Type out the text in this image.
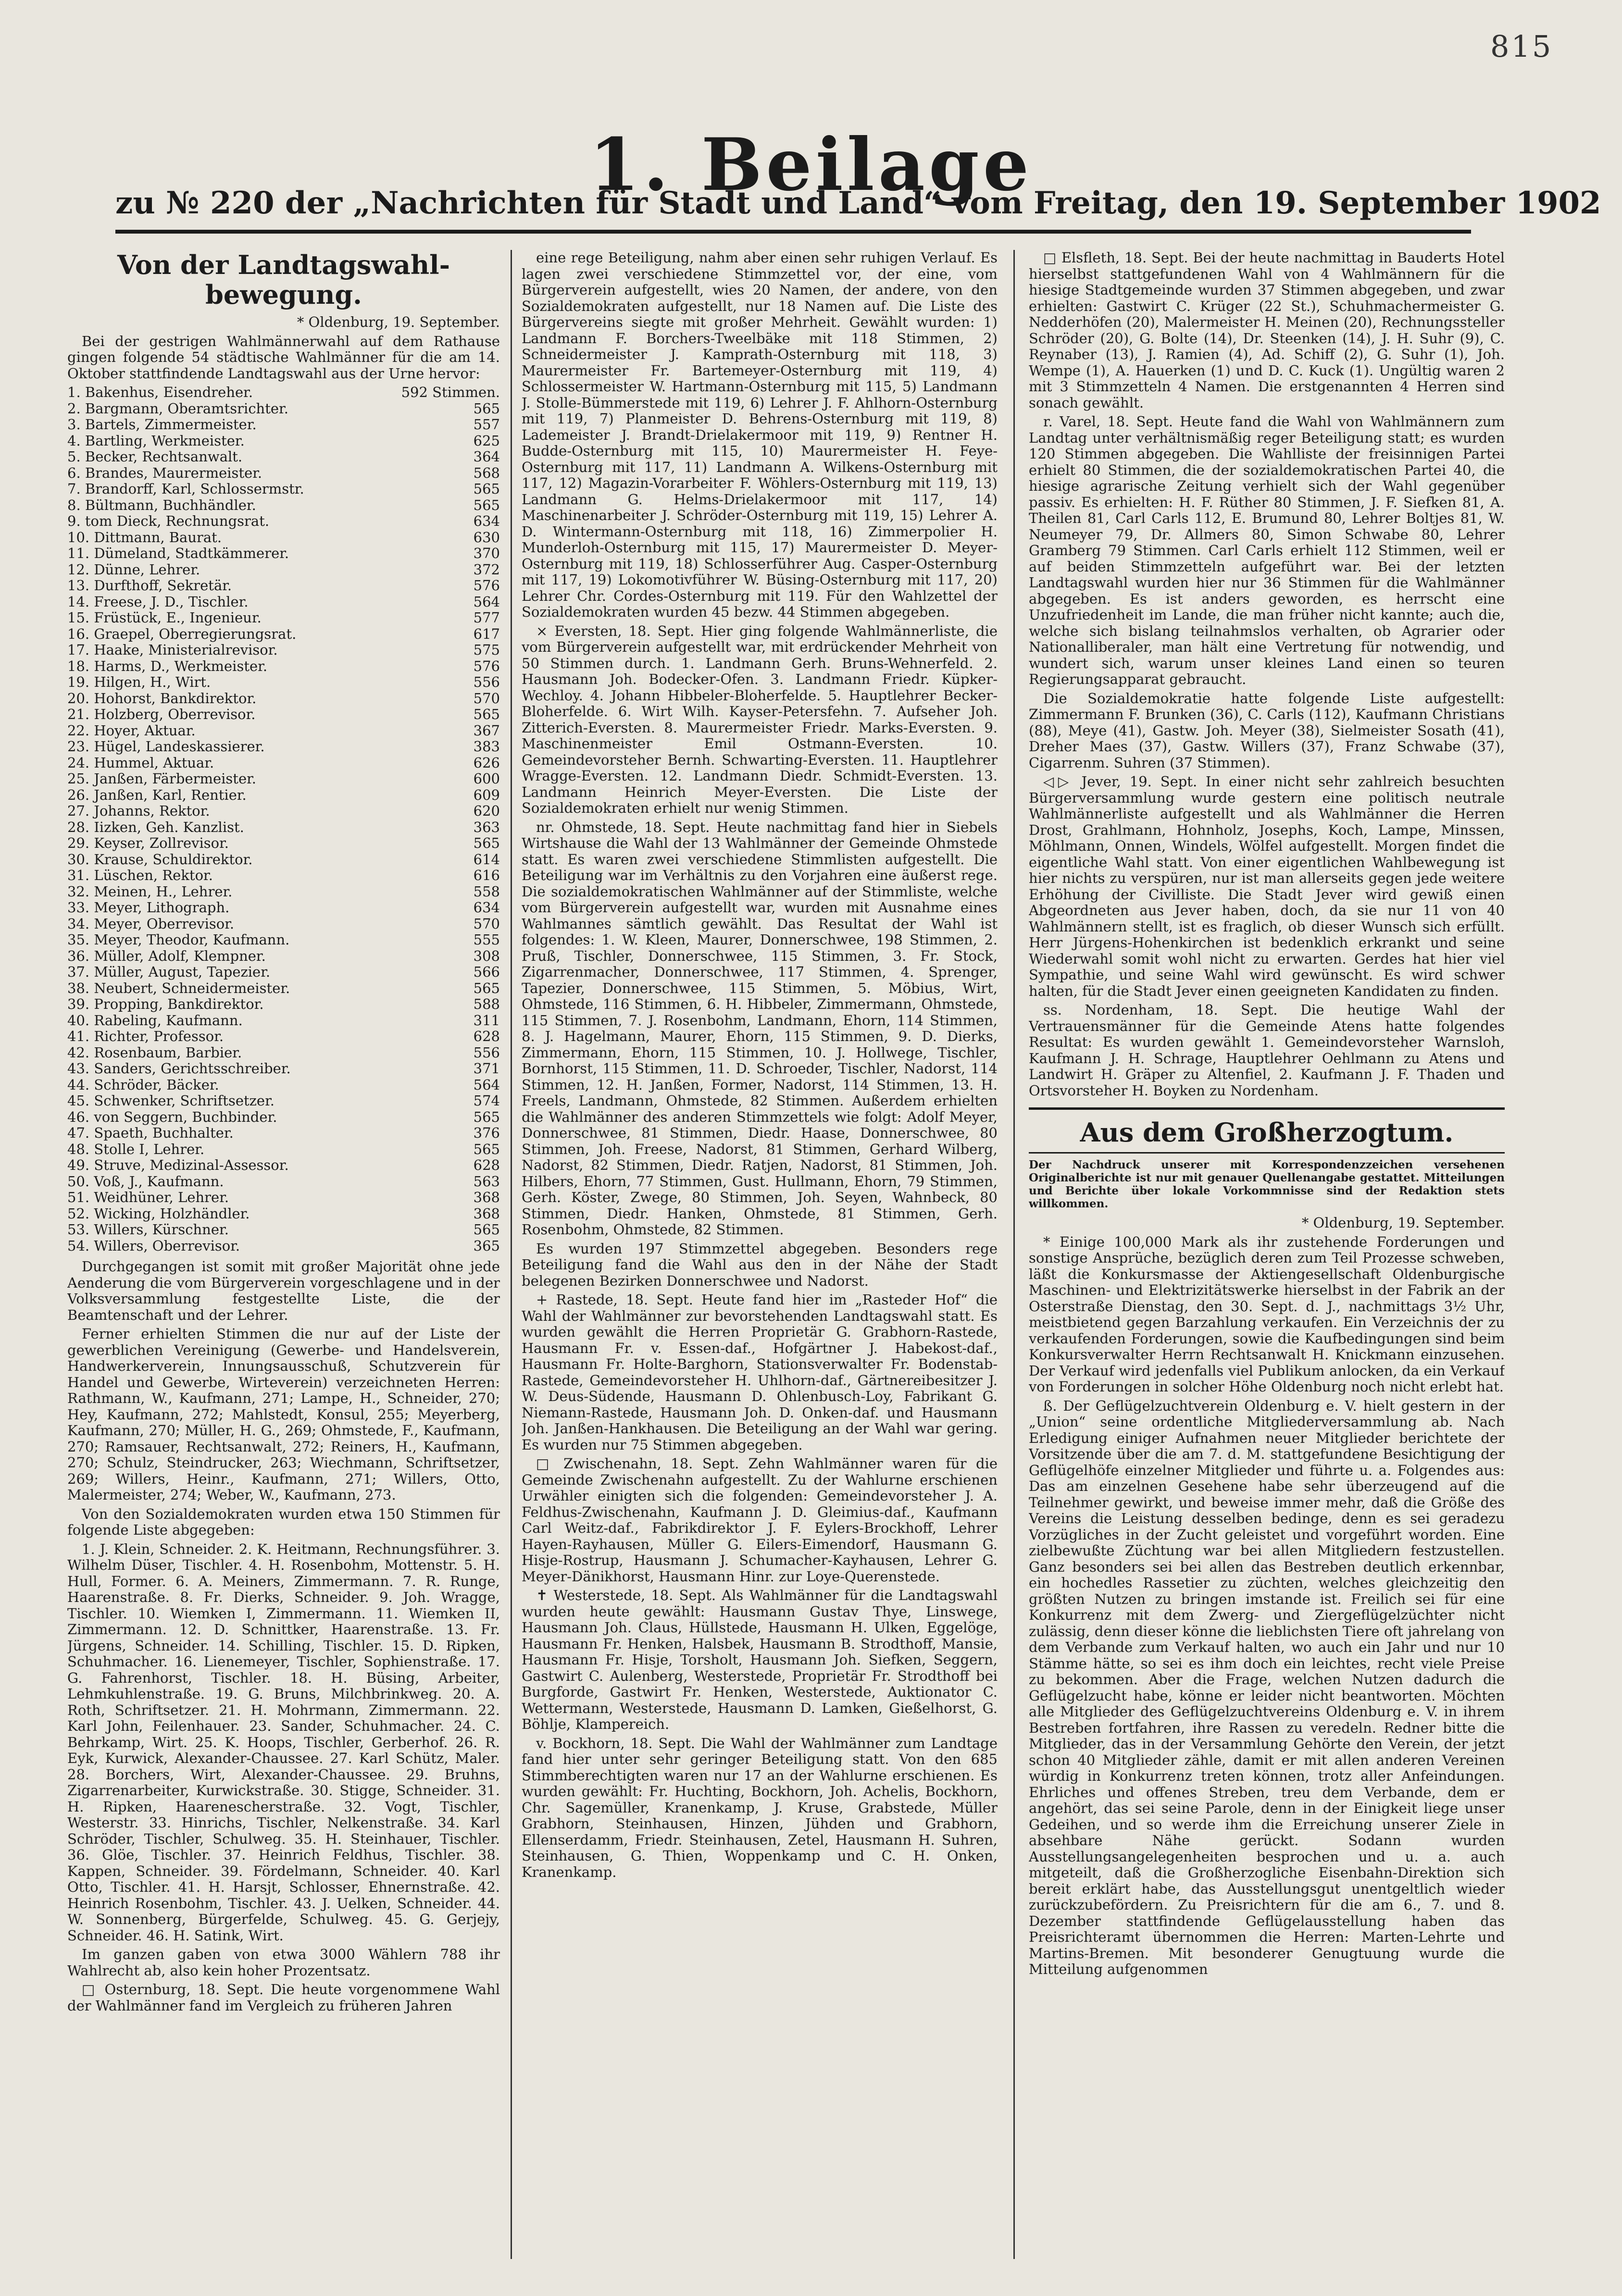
815
1. Beilage
zu № 220 der „Nachrichten für Stadt und Land“ vom Freitag, den 19. September 1902
Von der Landtagswahl-bewegung.

* Oldenburg, 19. September.

Bei der gestrigen Wahlmännerwahl auf dem Rathause gingen folgende 54 städtische Wahlmänner für die am 14. Oktober stattfindende Landtagswahl aus der Urne hervor:

1. Bakenhus, Eisendreher.	592 Stimmen.
2. Bargmann, Oberamtsrichter.	565
3. Bartels, Zimmermeister.	557
4. Bartling, Werkmeister.	625
5. Becker, Rechtsanwalt.	364
6. Brandes, Maurermeister.	568
7. Brandorff, Karl, Schlossermstr.	565
8. Bültmann, Buchhändler.	565
9. tom Dieck, Rechnungsrat.	634
10. Dittmann, Baurat.	630
11. Dümeland, Stadtkämmerer.	370
12. Dünne, Lehrer.	372
13. Durfthoff, Sekretär.	576
14. Freese, J. D., Tischler.	564
15. Früstück, E., Ingenieur.	577
16. Graepel, Oberregierungsrat.	617
17. Haake, Ministerialrevisor.	575
18. Harms, D., Werkmeister.	576
19. Hilgen, H., Wirt.	556
20. Hohorst, Bankdirektor.	570
21. Holzberg, Oberrevisor.	565
22. Hoyer, Aktuar.	367
23. Hügel, Landeskassierer.	383
24. Hummel, Aktuar.	626
25. Janßen, Färbermeister.	600
26. Janßen, Karl, Rentier.	609
27. Johanns, Rektor.	620
28. Iizken, Geh. Kanzlist.	363
29. Keyser, Zollrevisor.	565
30. Krause, Schuldirektor.	614
31. Lüschen, Rektor.	616
32. Meinen, H., Lehrer.	558
33. Meyer, Lithograph.	634
34. Meyer, Oberrevisor.	570
35. Meyer, Theodor, Kaufmann.	555
36. Müller, Adolf, Klempner.	308
37. Müller, August, Tapezier.	566
38. Neubert, Schneidermeister.	565
39. Propping, Bankdirektor.	588
40. Rabeling, Kaufmann.	311
41. Richter, Professor.	628
42. Rosenbaum, Barbier.	556
43. Sanders, Gerichtsschreiber.	371
44. Schröder, Bäcker.	564
45. Schwenker, Schriftsetzer.	574
46. von Seggern, Buchbinder.	565
47. Spaeth, Buchhalter.	376
48. Stolle I, Lehrer.	565
49. Struve, Medizinal-Assessor.	628
50. Voß, J., Kaufmann.	563
51. Weidhüner, Lehrer.	368
52. Wicking, Holzhändler.	368
53. Willers, Kürschner.	565
54. Willers, Oberrevisor.	365

Durchgegangen ist somit mit großer Majorität ohne jede Aenderung die vom Bürgerverein vorgeschlagene und in der Volksversammlung festgestellte Liste, die der Beamtenschaft und der Lehrer.

Ferner erhielten Stimmen die nur auf der Liste der gewerblichen Vereinigung (Gewerbe- und Handelsverein, Handwerkerverein, Innungsausschuß, Schutzverein für Handel und Gewerbe, Wirteverein) verzeichneten Herren: Rathmann, W., Kaufmann, 271; Lampe, H., Schneider, 270; Hey, Kaufmann, 272; Mahlstedt, Konsul, 255; Meyerberg, Kaufmann, 270; Müller, H. G., 269; Ohmstede, F., Kaufmann, 270; Ramsauer, Rechtsanwalt, 272; Reiners, H., Kaufmann, 270; Schulz, Steindrucker, 263; Wiechmann, Schriftsetzer, 269; Willers, Heinr., Kaufmann, 271; Willers, Otto, Malermeister, 274; Weber, W., Kaufmann, 273.

Von den Sozialdemokraten wurden etwa 150 Stimmen für folgende Liste abgegeben:

1. J. Klein, Schneider. 2. K. Heitmann, Rechnungsführer. 3. Wilhelm Düser, Tischler. 4. H. Rosenbohm, Mottenstr. 5. H. Hull, Former. 6. A. Meiners, Zimmermann. 7. R. Runge, Haarenstraße. 8. Fr. Dierks, Schneider. 9. Joh. Wragge, Tischler. 10. Wiemken I, Zimmermann. 11. Wiemken II, Zimmermann. 12. D. Schnittker, Haarenstraße. 13. Fr. Jürgens, Schneider. 14. Schilling, Tischler. 15. D. Ripken, Schuhmacher. 16. Lienemeyer, Tischler, Sophienstraße. 17. G. Fahrenhorst, Tischler. 18. H. Büsing, Arbeiter, Lehmkuhlenstraße. 19. G. Bruns, Milchbrinkweg. 20. A. Roth, Schriftsetzer. 21. H. Mohrmann, Zimmermann. 22. Karl John, Feilenhauer. 23. Sander, Schuhmacher. 24. C. Behrkamp, Wirt. 25. K. Hoops, Tischler, Gerberhof. 26. R. Eyk, Kurwick, Alexander-Chaussee. 27. Karl Schütz, Maler. 28. Borchers, Wirt, Alexander-Chaussee. 29. Bruhns, Zigarrenarbeiter, Kurwickstraße. 30. Stigge, Schneider. 31. H. Ripken, Haarenescherstraße. 32. Vogt, Tischler, Westerstr. 33. Hinrichs, Tischler, Nelkenstraße. 34. Karl Schröder, Tischler, Schulweg. 35. H. Steinhauer, Tischler. 36. Glöe, Tischler. 37. Heinrich Feldhus, Tischler. 38. Kappen, Schneider. 39. Fördelmann, Schneider. 40. Karl Otto, Tischler. 41. H. Harsjt, Schlosser, Ehnernstraße. 42. Heinrich Rosenbohm, Tischler. 43. J. Uelken, Schneider. 44. W. Sonnenberg, Bürgerfelde, Schulweg. 45. G. Gerjejy, Schneider. 46. H. Satink, Wirt.

Im ganzen gaben von etwa 3000 Wählern 788 ihr Wahlrecht ab, also kein hoher Prozentsatz.

□ Osternburg, 18. Sept. Die heute vorgenommene Wahl der Wahlmänner fand im Vergleich zu früheren Jahren

eine rege Beteiligung, nahm aber einen sehr ruhigen Verlauf. Es lagen zwei verschiedene Stimmzettel vor, der eine, vom Bürgerverein aufgestellt, wies 20 Namen, der andere, von den Sozialdemokraten aufgestellt, nur 18 Namen auf. Die Liste des Bürgervereins siegte mit großer Mehrheit. Gewählt wurden: 1) Landmann F. Borchers-Tweelbäke mit 118 Stimmen, 2) Schneidermeister J. Kamprath-Osternburg mit 118, 3) Maurermeister Fr. Bartemeyer-Osternburg mit 119, 4) Schlossermeister W. Hartmann-Osternburg mit 115, 5) Landmann J. Stolle-Bümmerstede mit 119, 6) Lehrer J. F. Ahlhorn-Osternburg mit 119, 7) Planmeister D. Behrens-Osternburg mit 119, 8) Lademeister J. Brandt-Drielakermoor mit 119, 9) Rentner H. Budde-Osternburg mit 115, 10) Maurermeister H. Feye-Osternburg mit 117, 11) Landmann A. Wilkens-Osternburg mit 117, 12) Magazin-Vorarbeiter F. Wöhlers-Osternburg mit 119, 13) Landmann G. Helms-Drielakermoor mit 117, 14) Maschinenarbeiter J. Schröder-Osternburg mit 119, 15) Lehrer A. D. Wintermann-Osternburg mit 118, 16) Zimmerpolier H. Munderloh-Osternburg mit 115, 17) Maurermeister D. Meyer-Osternburg mit 119, 18) Schlosserführer Aug. Casper-Osternburg mit 117, 19) Lokomotivführer W. Büsing-Osternburg mit 117, 20) Lehrer Chr. Cordes-Osternburg mit 119. Für den Wahlzettel der Sozialdemokraten wurden 45 bezw. 44 Stimmen abgegeben.

× Eversten, 18. Sept. Hier ging folgende Wahlmännerliste, die vom Bürgerverein aufgestellt war, mit erdrückender Mehrheit von 50 Stimmen durch. 1. Landmann Gerh. Bruns-Wehnerfeld. 2. Hausmann Joh. Bodecker-Ofen. 3. Landmann Friedr. Küpker-Wechloy. 4. Johann Hibbeler-Bloherfelde. 5. Hauptlehrer Becker-Bloherfelde. 6. Wirt Wilh. Kayser-Petersfehn. 7. Aufseher Joh. Zitterich-Eversten. 8. Maurermeister Friedr. Marks-Eversten. 9. Maschinenmeister Emil Ostmann-Eversten. 10. Gemeindevorsteher Bernh. Schwarting-Eversten. 11. Hauptlehrer Wragge-Eversten. 12. Landmann Diedr. Schmidt-Eversten. 13. Landmann Heinrich Meyer-Eversten. Die Liste der Sozialdemokraten erhielt nur wenig Stimmen.

nr. Ohmstede, 18. Sept. Heute nachmittag fand hier in Siebels Wirtshause die Wahl der 13 Wahlmänner der Gemeinde Ohmstede statt. Es waren zwei verschiedene Stimmlisten aufgestellt. Die Beteiligung war im Verhältnis zu den Vorjahren eine äußerst rege. Die sozialdemokratischen Wahlmänner auf der Stimmliste, welche vom Bürgerverein aufgestellt war, wurden mit Ausnahme eines Wahlmannes sämtlich gewählt. Das Resultat der Wahl ist folgendes: 1. W. Kleen, Maurer, Donnerschwee, 198 Stimmen, 2. Pruß, Tischler, Donnerschwee, 115 Stimmen, 3. Fr. Stock, Zigarrenmacher, Donnerschwee, 117 Stimmen, 4. Sprenger, Tapezier, Donnerschwee, 115 Stimmen, 5. Möbius, Wirt, Ohmstede, 116 Stimmen, 6. H. Hibbeler, Zimmermann, Ohmstede, 115 Stimmen, 7. J. Rosenbohm, Landmann, Ehorn, 114 Stimmen, 8. J. Hagelmann, Maurer, Ehorn, 115 Stimmen, 9. D. Dierks, Zimmermann, Ehorn, 115 Stimmen, 10. J. Hollwege, Tischler, Bornhorst, 115 Stimmen, 11. D. Schroeder, Tischler, Nadorst, 114 Stimmen, 12. H. Janßen, Former, Nadorst, 114 Stimmen, 13. H. Freels, Landmann, Ohmstede, 82 Stimmen. Außerdem erhielten die Wahlmänner des anderen Stimmzettels wie folgt: Adolf Meyer, Donnerschwee, 81 Stimmen, Diedr. Haase, Donnerschwee, 80 Stimmen, Joh. Freese, Nadorst, 81 Stimmen, Gerhard Wilberg, Nadorst, 82 Stimmen, Diedr. Ratjen, Nadorst, 81 Stimmen, Joh. Hilbers, Ehorn, 77 Stimmen, Gust. Hullmann, Ehorn, 79 Stimmen, Gerh. Köster, Zwege, 80 Stimmen, Joh. Seyen, Wahnbeck, 80 Stimmen, Diedr. Hanken, Ohmstede, 81 Stimmen, Gerh. Rosenbohm, Ohmstede, 82 Stimmen.

Es wurden 197 Stimmzettel abgegeben. Besonders rege Beteiligung fand die Wahl aus den in der Nähe der Stadt belegenen Bezirken Donnerschwee und Nadorst.

+ Rastede, 18. Sept. Heute fand hier im „Rasteder Hof“ die Wahl der Wahlmänner zur bevorstehenden Landtagswahl statt. Es wurden gewählt die Herren Proprietär G. Grabhorn-Rastede, Hausmann Fr. v. Essen-daf., Hofgärtner J. Habekost-daf., Hausmann Fr. Holte-Barghorn, Stationsverwalter Fr. Bodenstab-Rastede, Gemeindevorsteher H. Uhlhorn-daf., Gärtnereibesitzer J. W. Deus-Südende, Hausmann D. Ohlenbusch-Loy, Fabrikant G. Niemann-Rastede, Hausmann Joh. D. Onken-daf. und Hausmann Joh. Janßen-Hankhausen. Die Beteiligung an der Wahl war gering. Es wurden nur 75 Stimmen abgegeben.

□ Zwischenahn, 18. Sept. Zehn Wahlmänner waren für die Gemeinde Zwischenahn aufgestellt. Zu der Wahlurne erschienen Urwähler einigten sich die folgenden: Gemeindevorsteher J. A. Feldhus-Zwischenahn, Kaufmann J. D. Gleimius-daf., Kaufmann Carl Weitz-daf., Fabrikdirektor J. F. Eylers-Brockhoff, Lehrer Hayen-Rayhausen, Müller G. Eilers-Eimendorf, Hausmann G. Hisje-Rostrup, Hausmann J. Schumacher-Kayhausen, Lehrer G. Meyer-Dänikhorst, Hausmann Hinr. zur Loye-Querenstede.

✝ Westerstede, 18. Sept. Als Wahlmänner für die Landtagswahl wurden heute gewählt: Hausmann Gustav Thye, Linswege, Hausmann Joh. Claus, Hüllstede, Hausmann H. Ulken, Eggelöge, Hausmann Fr. Henken, Halsbek, Hausmann B. Strodthoff, Mansie, Hausmann Fr. Hisje, Torsholt, Hausmann Joh. Siefken, Seggern, Gastwirt C. Aulenberg, Westerstede, Proprietär Fr. Strodthoff bei Burgforde, Gastwirt Fr. Henken, Westerstede, Auktionator C. Wettermann, Westerstede, Hausmann D. Lamken, Gießelhorst, G. Böhlje, Klampereich.

v. Bockhorn, 18. Sept. Die Wahl der Wahlmänner zum Landtage fand hier unter sehr geringer Beteiligung statt. Von den 685 Stimmberechtigten waren nur 17 an der Wahlurne erschienen. Es wurden gewählt: Fr. Huchting, Bockhorn, Joh. Achelis, Bockhorn, Chr. Sagemüller, Kranenkamp, J. Kruse, Grabstede, Müller Grabhorn, Steinhausen, Hinzen, Jühden und Grabhorn, Ellenserdamm, Friedr. Steinhausen, Zetel, Hausmann H. Suhren, Steinhausen, G. Thien, Woppenkamp und C. H. Onken, Kranenkamp.

□ Elsfleth, 18. Sept. Bei der heute nachmittag in Bauderts Hotel hierselbst stattgefundenen Wahl von 4 Wahlmännern für die hiesige Stadtgemeinde wurden 37 Stimmen abgegeben, und zwar erhielten: Gastwirt C. Krüger (22 St.), Schuhmachermeister G. Nedderhöfen (20), Malermeister H. Meinen (20), Rechnungssteller Schröder (20), G. Bolte (14), Dr. Steenken (14), J. H. Suhr (9), C. Reynaber (13), J. Ramien (4), Ad. Schiff (2), G. Suhr (1), Joh. Wempe (1), A. Hauerken (1) und D. C. Kuck (1). Ungültig waren 2 mit 3 Stimmzetteln 4 Namen. Die erstgenannten 4 Herren sind sonach gewählt.

r. Varel, 18. Sept. Heute fand die Wahl von Wahlmännern zum Landtag unter verhältnismäßig reger Beteiligung statt; es wurden 120 Stimmen abgegeben. Die Wahlliste der freisinnigen Partei erhielt 80 Stimmen, die der sozialdemokratischen Partei 40, die hiesige agrarische Zeitung verhielt sich der Wahl gegenüber passiv. Es erhielten: H. F. Rüther 80 Stimmen, J. F. Siefken 81, A. Theilen 81, Carl Carls 112, E. Brumund 80, Lehrer Boltjes 81, W. Neumeyer 79, Dr. Allmers 80, Simon Schwabe 80, Lehrer Gramberg 79 Stimmen. Carl Carls erhielt 112 Stimmen, weil er auf beiden Stimmzetteln aufgeführt war. Bei der letzten Landtagswahl wurden hier nur 36 Stimmen für die Wahlmänner abgegeben. Es ist anders geworden, es herrscht eine Unzufriedenheit im Lande, die man früher nicht kannte; auch die, welche sich bislang teilnahmslos verhalten, ob Agrarier oder Nationalliberaler, man hält eine Vertretung für notwendig, und wundert sich, warum unser kleines Land einen so teuren Regierungsapparat gebraucht.

Die Sozialdemokratie hatte folgende Liste aufgestellt: Zimmermann F. Brunken (36), C. Carls (112), Kaufmann Christians (88), Meye (41), Gastw. Joh. Meyer (38), Sielmeister Sosath (41), Dreher Maes (37), Gastw. Willers (37), Franz Schwabe (37), Cigarrenm. Suhren (37 Stimmen).

◁▷ Jever, 19. Sept. In einer nicht sehr zahlreich besuchten Bürgerversammlung wurde gestern eine politisch neutrale Wahlmännerliste aufgestellt und als Wahlmänner die Herren Drost, Grahlmann, Hohnholz, Josephs, Koch, Lampe, Minssen, Möhlmann, Onnen, Windels, Wölfel aufgestellt. Morgen findet die eigentliche Wahl statt. Von einer eigentlichen Wahlbewegung ist hier nichts zu verspüren, nur ist man allerseits gegen jede weitere Erhöhung der Civilliste. Die Stadt Jever wird gewiß einen Abgeordneten aus Jever haben, doch, da sie nur 11 von 40 Wahlmännern stellt, ist es fraglich, ob dieser Wunsch sich erfüllt. Herr Jürgens-Hohenkirchen ist bedenklich erkrankt und seine Wiederwahl somit wohl nicht zu erwarten. Gerdes hat hier viel Sympathie, und seine Wahl wird gewünscht. Es wird schwer halten, für die Stadt Jever einen geeigneten Kandidaten zu finden.

ss. Nordenham, 18. Sept. Die heutige Wahl der Vertrauensmänner für die Gemeinde Atens hatte folgendes Resultat: Es wurden gewählt 1. Gemeindevorsteher Warnsloh, Kaufmann J. H. Schrage, Hauptlehrer Oehlmann zu Atens und Landwirt H. Gräper zu Altenfiel, 2. Kaufmann J. F. Thaden und Ortsvorsteher H. Boyken zu Nordenham.

Aus dem Großherzogtum.

Der Nachdruck unserer mit Korrespondenzzeichen versehenen Originalberichte ist nur mit genauer Quellenangabe gestattet. Mitteilungen und Berichte über lokale Vorkommnisse sind der Redaktion stets willkommen.

* Oldenburg, 19. September.

* Einige 100,000 Mark als ihr zustehende Forderungen und sonstige Ansprüche, bezüglich deren zum Teil Prozesse schweben, läßt die Konkursmasse der Aktiengesellschaft Oldenburgische Maschinen- und Elektrizitätswerke hierselbst in der Fabrik an der Osterstraße Dienstag, den 30. Sept. d. J., nachmittags 3½ Uhr, meistbietend gegen Barzahlung verkaufen. Ein Verzeichnis der zu verkaufenden Forderungen, sowie die Kaufbedingungen sind beim Konkursverwalter Herrn Rechtsanwalt H. Knickmann einzusehen. Der Verkauf wird jedenfalls viel Publikum anlocken, da ein Verkauf von Forderungen in solcher Höhe Oldenburg noch nicht erlebt hat.

ß. Der Geflügelzuchtverein Oldenburg e. V. hielt gestern in der „Union“ seine ordentliche Mitgliederversammlung ab. Nach Erledigung einiger Aufnahmen neuer Mitglieder berichtete der Vorsitzende über die am 7. d. M. stattgefundene Besichtigung der Geflügelhöfe einzelner Mitglieder und führte u. a. Folgendes aus: Das am einzelnen Gesehene habe sehr überzeugend auf die Teilnehmer gewirkt, und beweise immer mehr, daß die Größe des Vereins die Leistung desselben bedinge, denn es sei geradezu Vorzügliches in der Zucht geleistet und vorgeführt worden. Eine zielbewußte Züchtung war bei allen Mitgliedern festzustellen. Ganz besonders sei bei allen das Bestreben deutlich erkennbar, ein hochedles Rassetier zu züchten, welches gleichzeitig den größten Nutzen zu bringen imstande ist. Freilich sei für eine Konkurrenz mit dem Zwerg- und Ziergeflügelzüchter nicht zulässig, denn dieser könne die lieblichsten Tiere oft jahrelang von dem Verbande zum Verkauf halten, wo auch ein Jahr und nur 10 Stämme hätte, so sei es ihm doch ein leichtes, recht viele Preise zu bekommen. Aber die Frage, welchen Nutzen dadurch die Geflügelzucht habe, könne er leider nicht beantworten. Möchten alle Mitglieder des Geflügelzuchtvereins Oldenburg e. V. in ihrem Bestreben fortfahren, ihre Rassen zu veredeln. Redner bitte die Mitglieder, das in der Versammlung Gehörte den Verein, der jetzt schon 40 Mitglieder zähle, damit er mit allen anderen Vereinen würdig in Konkurrenz treten können, trotz aller Anfeindungen. Ehrliches und offenes Streben, treu dem Verbande, dem er angehört, das sei seine Parole, denn in der Einigkeit liege unser Gedeihen, und so werde ihm die Erreichung unserer Ziele in absehbare Nähe gerückt. Sodann wurden Ausstellungsangelegenheiten besprochen und u. a. auch mitgeteilt, daß die Großherzogliche Eisenbahn-Direktion sich bereit erklärt habe, das Ausstellungsgut unentgeltlich wieder zurückzubefördern. Zu Preisrichtern für die am 6., 7. und 8. Dezember stattfindende Geflügelausstellung haben das Preisrichteramt übernommen die Herren: Marten-Lehrte und Martins-Bremen. Mit besonderer Genugtuung wurde die Mitteilung aufgenommen
